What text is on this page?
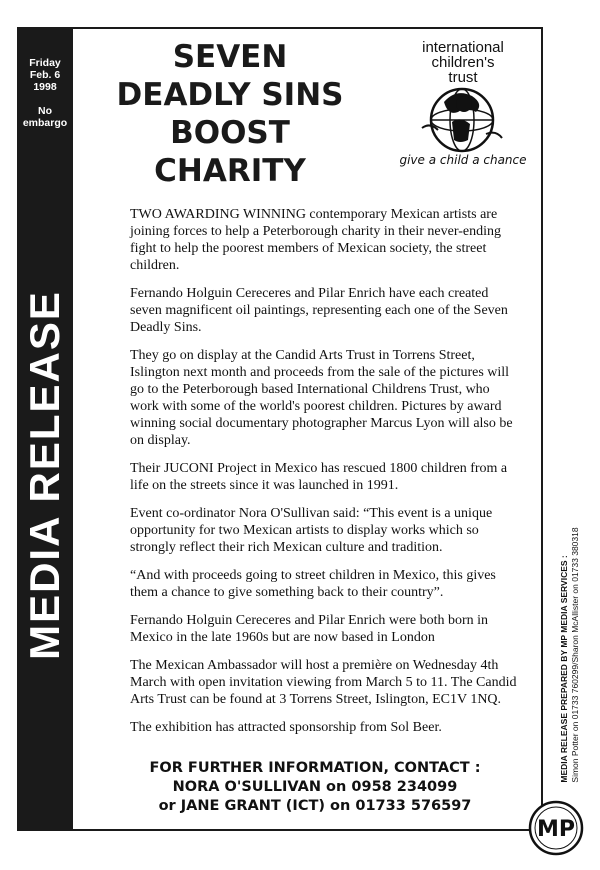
Friday
Feb. 6
1998
No
embargo
MEDIA RELEASE
SEVEN
DEADLY SINS
BOOST
CHARITY
international
children's
trust
give a child a chance

TWO AWARDING WINNING contemporary Mexican artists are joining forces to help a Peterborough charity in their never-ending fight to help the poorest members of Mexican society, the street children.

Fernando Holguin Cereceres and Pilar Enrich have each created seven magnificent oil paintings, representing each one of the Seven Deadly Sins.

They go on display at the Candid Arts Trust in Torrens Street, Islington next month and proceeds from the sale of the pictures will go to the Peterborough based International Childrens Trust, who work with some of the world's poorest children. Pictures by award winning social documentary photographer Marcus Lyon will also be on display.

Their JUCONI Project in Mexico has rescued 1800 children from a life on the streets since it was launched in 1991.

Event co-ordinator Nora O'Sullivan said: “This event is a unique opportunity for two Mexican artists to display works which so strongly reflect their rich Mexican culture and tradition.

“And with proceeds going to street children in Mexico, this gives them a chance to give something back to their country”.

Fernando Holguin Cereceres and Pilar Enrich were both born in Mexico in the late 1960s but are now based in London

The Mexican Ambassador will host a première on Wednesday 4th March with open invitation viewing from March 5 to 11. The Candid Arts Trust can be found at 3 Torrens Street, Islington, EC1V 1NQ.

The exhibition has attracted sponsorship from Sol Beer.

FOR FURTHER INFORMATION, CONTACT :
NORA O'SULLIVAN on 0958 234099
or JANE GRANT (ICT) on 01733 576597
MEDIA RELEASE PREPARED BY MP MEDIA SERVICES : Simon Potter on 01733 760299/Sharon McAllister on 01733 380318
MP
